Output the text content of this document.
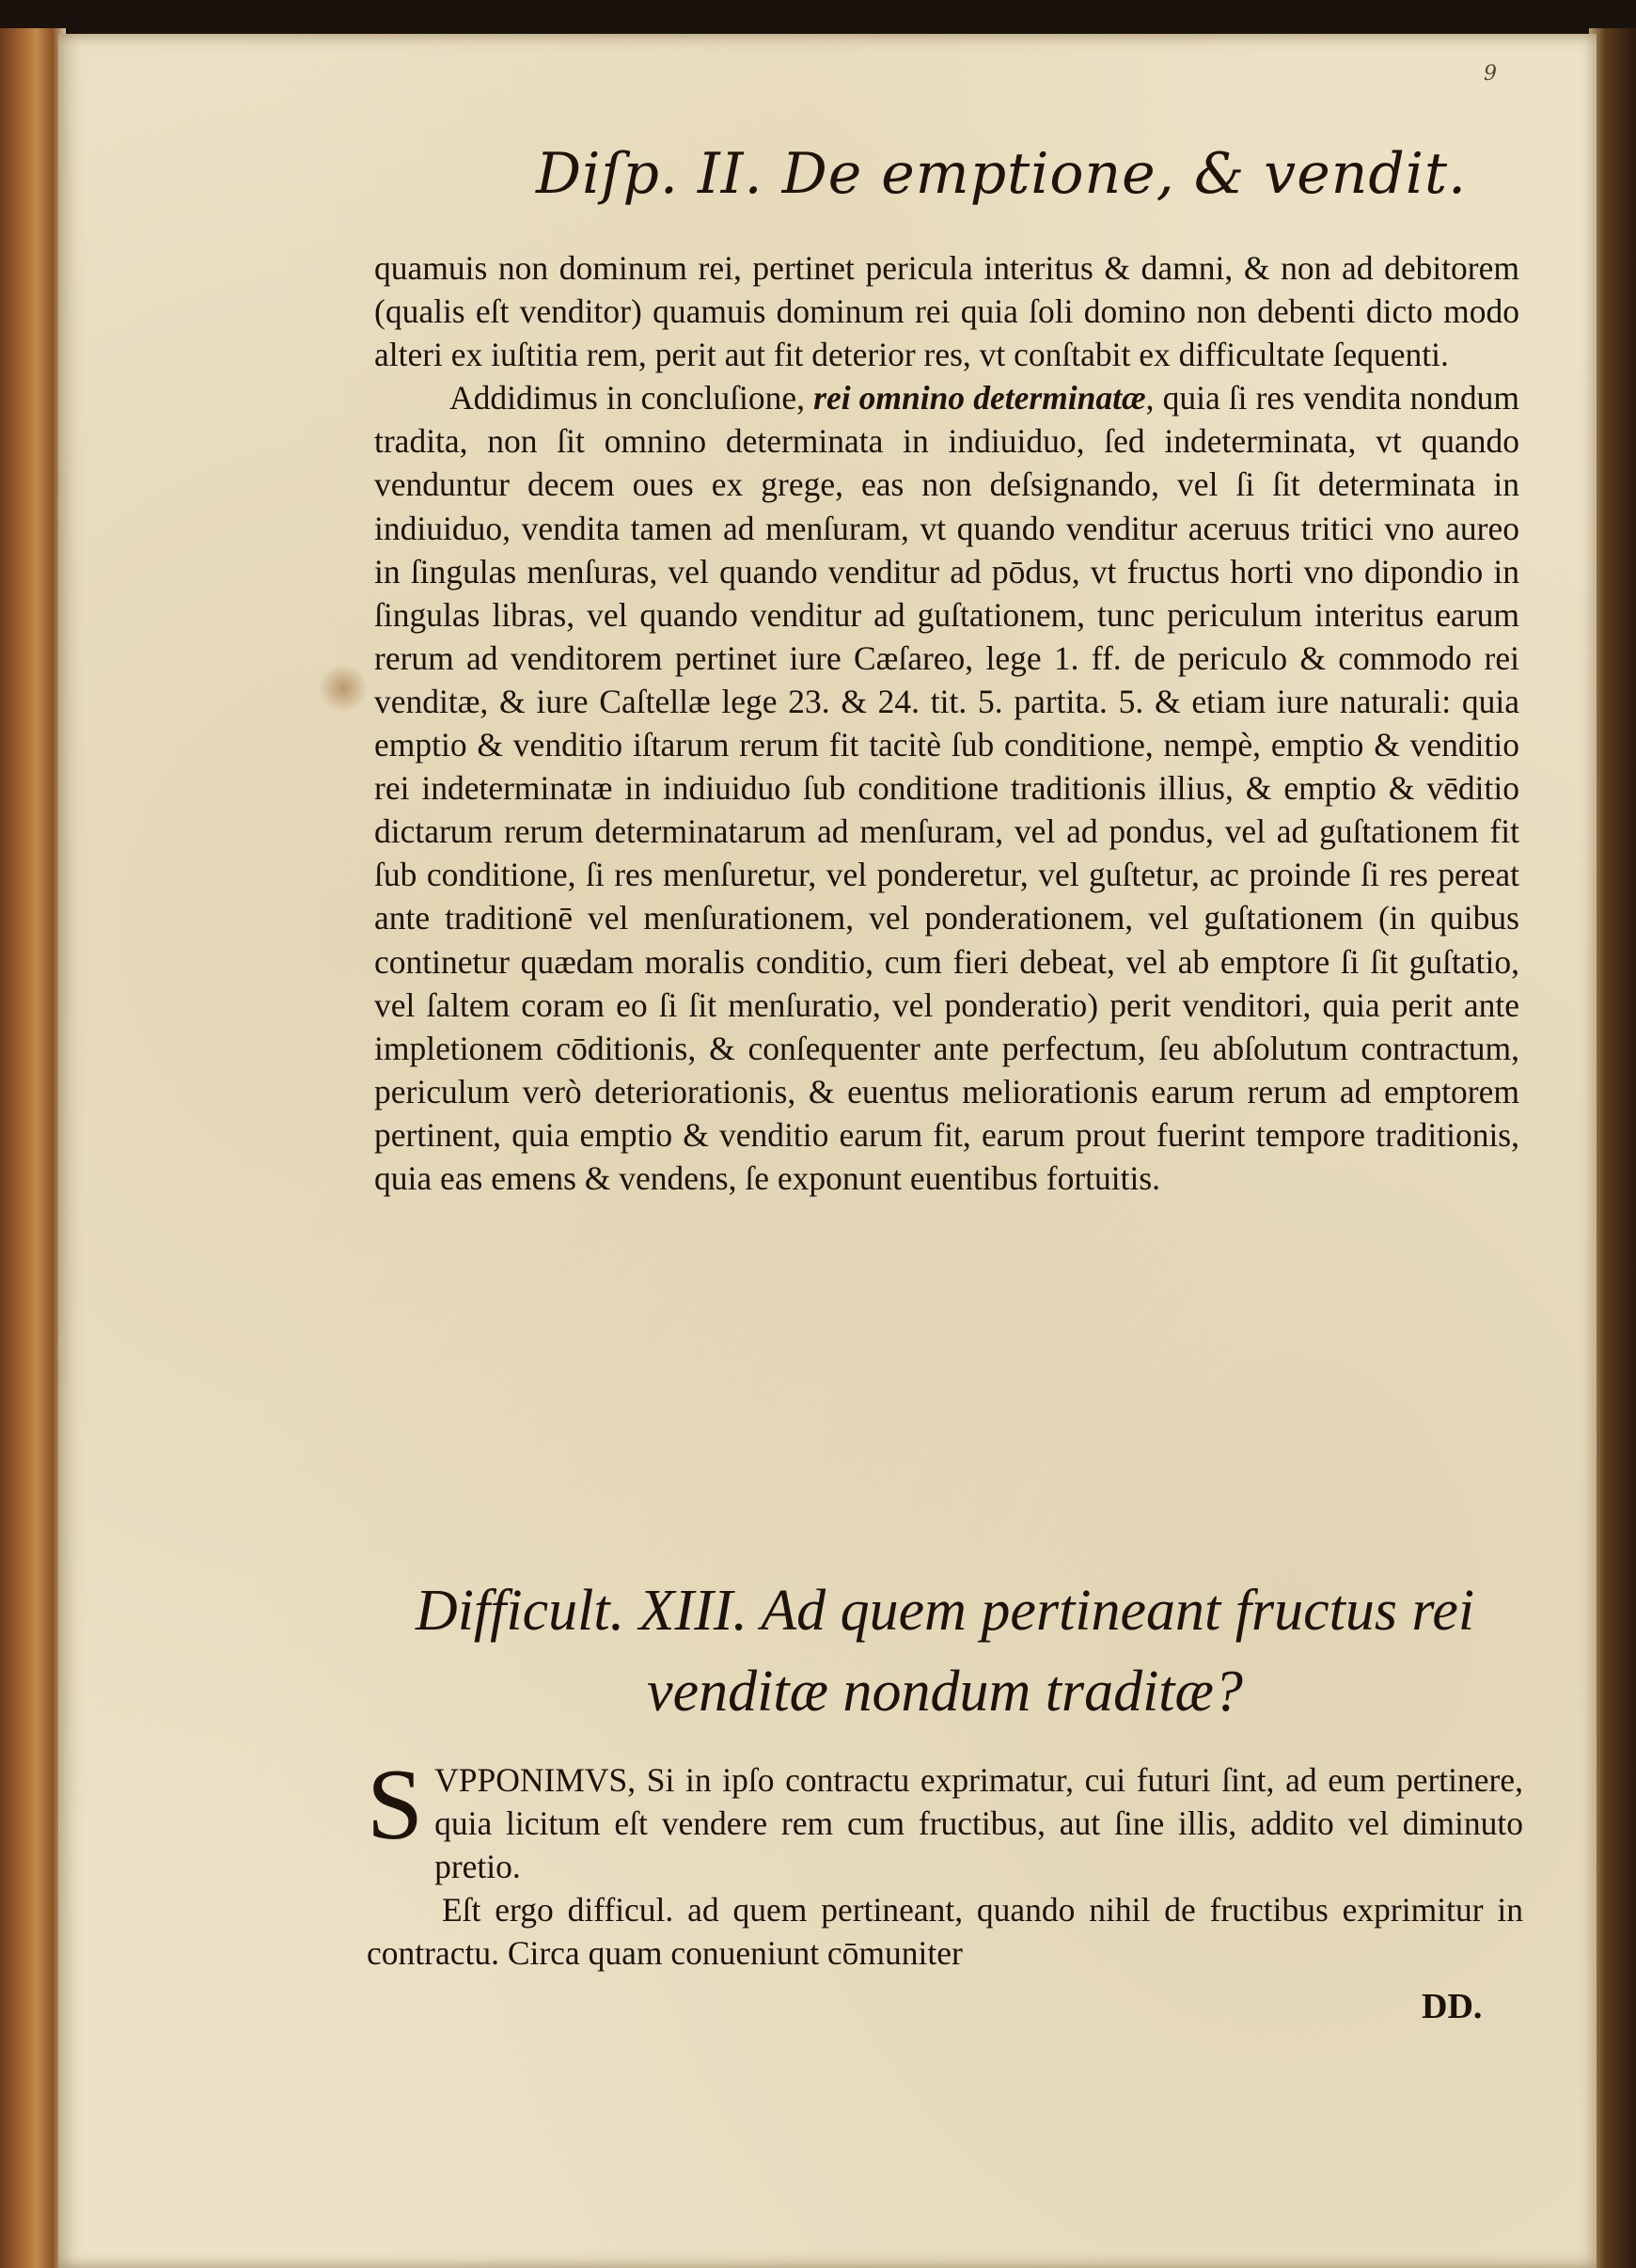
9
Diſp. II. De emptione, & vendit.

quamuis non dominum rei, pertinet pericula interitus & damni, & non ad debitorem (qualis eſt venditor) quamuis dominum rei quia ſoli domino non debenti dicto modo alteri ex iuſtitia rem, perit aut fit deterior res, vt conſtabit ex difficultate ſequenti.

Addidimus in concluſione, rei omnino determinatæ, quia ſi res vendita nondum tradita, non ſit omnino determinata in indiuiduo, ſed indeterminata, vt quando venduntur decem oues ex grege, eas non deſsignando, vel ſi ſit determinata in indiuiduo, vendita tamen ad menſuram, vt quando venditur aceruus tritici vno aureo in ſingulas menſuras, vel quando venditur ad pōdus, vt fructus horti vno dipondio in ſingulas libras, vel quando venditur ad guſtationem, tunc periculum interitus earum rerum ad venditorem pertinet iure Cæſareo, lege 1. ff. de periculo & commodo rei venditæ, & iure Caſtellæ lege 23. & 24. tit. 5. partita. 5. & etiam iure naturali: quia emptio & venditio iſtarum rerum fit tacitè ſub conditione, nempè, emptio & venditio rei indeterminatæ in indiuiduo ſub conditione traditionis illius, & emptio & vēditio dictarum rerum determinatarum ad menſuram, vel ad pondus, vel ad guſtationem fit ſub conditione, ſi res menſuretur, vel ponderetur, vel guſtetur, ac proinde ſi res pereat ante traditionē vel menſurationem, vel ponderationem, vel guſtationem (in quibus continetur quædam moralis conditio, cum fieri debeat, vel ab emptore ſi ſit guſtatio, vel ſaltem coram eo ſi ſit menſuratio, vel ponderatio) perit venditori, quia perit ante impletionem cōditionis, & conſequenter ante perfectum, ſeu abſolutum contractum, periculum verò deteriorationis, & euentus meliorationis earum rerum ad emptorem pertinent, quia emptio & venditio earum fit, earum prout fuerint tempore traditionis, quia eas emens & vendens, ſe exponunt euentibus fortuitis.

Difficult. XIII. Ad quem pertineant fructus rei
venditæ nondum traditæ?

S VPPONIMVS, Si in ipſo contractu exprimatur, cui futuri ſint, ad eum pertinere, quia licitum eſt vendere rem cum fructibus, aut ſine illis, addito vel diminuto pretio.

Eſt ergo difficul. ad quem pertineant, quando nihil de fructibus exprimitur in contractu. Circa quam conueniunt cōmuniter

DD.
